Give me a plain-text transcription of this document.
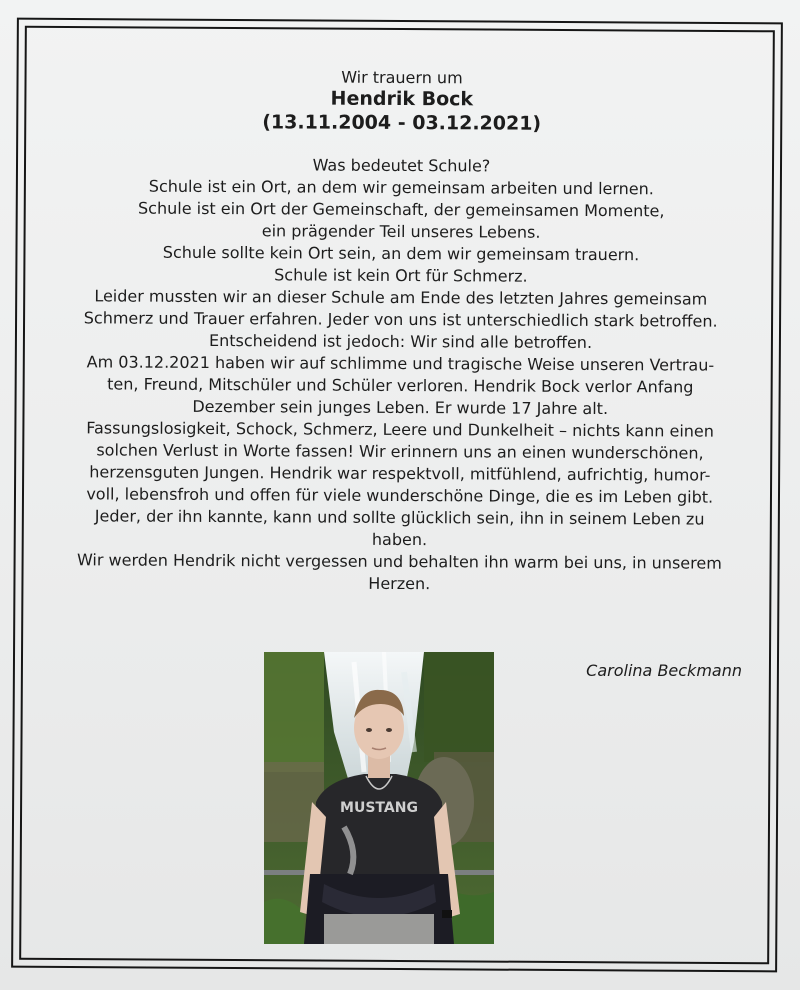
Wir trauern um

Hendrik Bock

(13.11.2004 - 03.12.2021)

Was bedeutet Schule?
Schule ist ein Ort, an dem wir gemeinsam arbeiten und lernen.
Schule ist ein Ort der Gemeinschaft, der gemeinsamen Momente,
ein prägender Teil unseres Lebens.
Schule sollte kein Ort sein, an dem wir gemeinsam trauern.
Schule ist kein Ort für Schmerz.
Leider mussten wir an dieser Schule am Ende des letzten Jahres gemeinsam
Schmerz und Trauer erfahren. Jeder von uns ist unterschiedlich stark betroffen.
Entscheidend ist jedoch: Wir sind alle betroffen.
Am 03.12.2021 haben wir auf schlimme und tragische Weise unseren Vertrau-
ten, Freund, Mitschüler und Schüler verloren. Hendrik Bock verlor Anfang
Dezember sein junges Leben. Er wurde 17 Jahre alt.
Fassungslosigkeit, Schock, Schmerz, Leere und Dunkelheit – nichts kann einen
solchen Verlust in Worte fassen! Wir erinnern uns an einen wunderschönen,
herzensguten Jungen. Hendrik war respektvoll, mitfühlend, aufrichtig, humor-
voll, lebensfroh und offen für viele wunderschöne Dinge, die es im Leben gibt.
Jeder, der ihn kannte, kann und sollte glücklich sein, ihn in seinem Leben zu
haben.
Wir werden Hendrik nicht vergessen und behalten ihn warm bei uns, in unserem
Herzen.
MUSTANG
Carolina Beckmann
